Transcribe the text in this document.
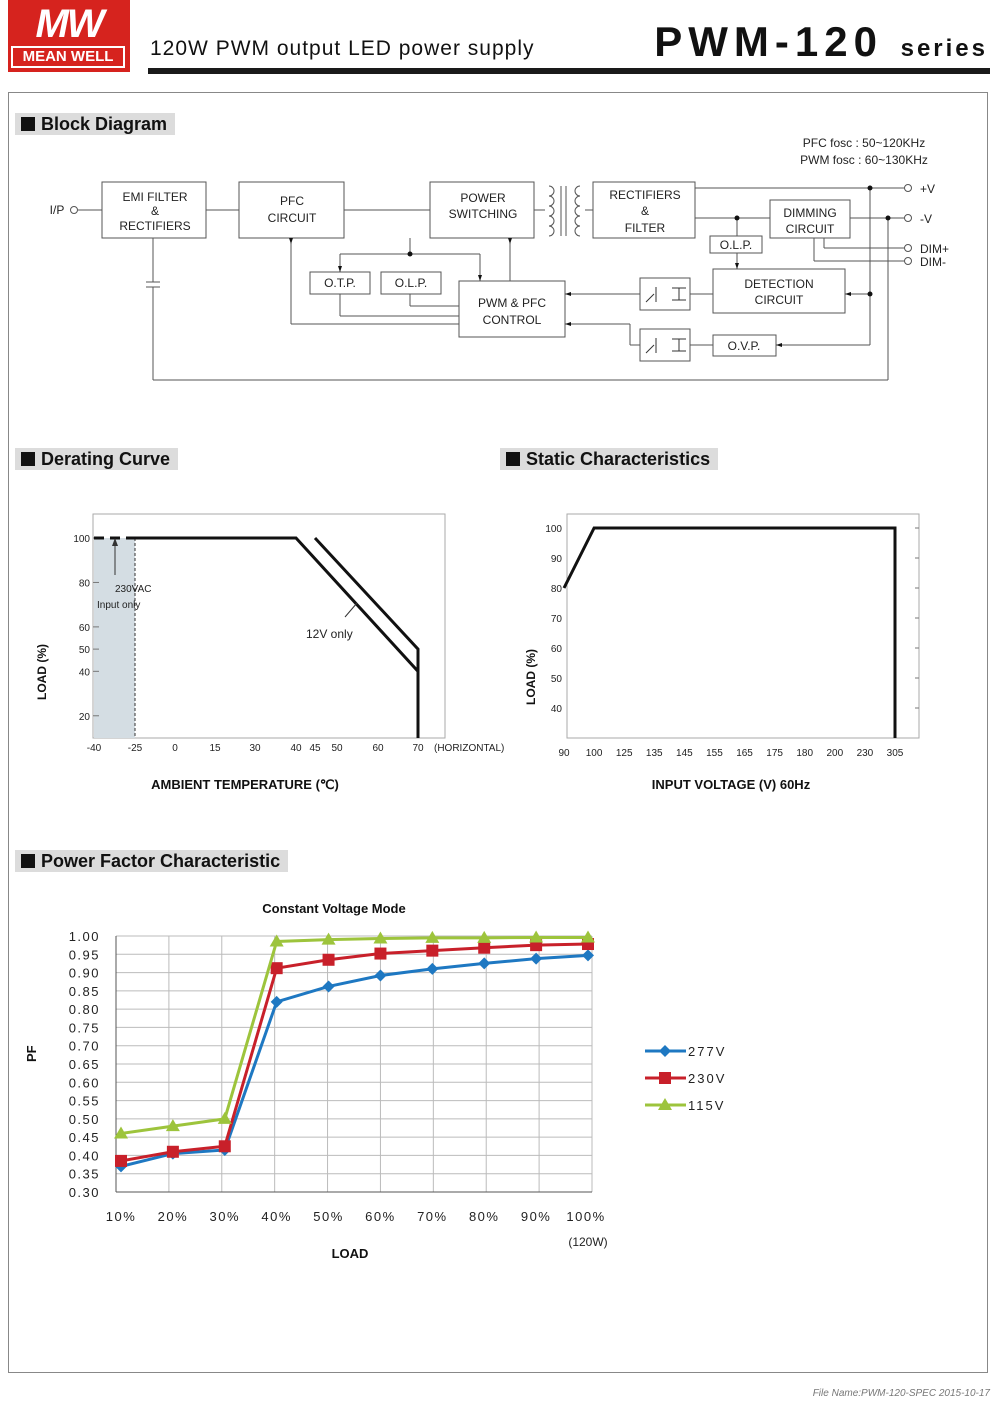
MW
MEAN WELL	120W PWM output LED power supply	PWM-120 series
Block Diagram
Derating Curve	Static Characteristics
Power Factor Characteristic
PFC fosc : 50~120KHz
PWM fosc : 60~130KHz
I/P
EMI FILTER
&
RECTIFIERS
PFC
CIRCUIT
POWER
SWITCHING
RECTIFIERS
&
FILTER
DIMMING
CIRCUIT
O.L.P.
O.T.P.	O.L.P.
PWM & PFC
CONTROL
DETECTION
CIRCUIT
O.V.P.
+V
-V
DIM+
DIM-
-40	-25	0	15	30	40 45 50	60	70
20
40
50
60
80
100
230VAC
Input only
12V only
(HORIZONTAL)
LOAD (%)
AMBIENT TEMPERATURE (℃)
90 100 125 135 145 155 165 175 180 200 230 305
40
50
60
70
80
90
100
LOAD (%)
INPUT VOLTAGE (V) 60Hz
Constant Voltage Mode
0.30
0.35
0.40
0.45
0.50
0.55
0.60
0.65
0.70
0.75
0.80
0.85
0.90
0.95
1.00
10% 20% 30% 40% 50% 60% 70% 80% 90% 100%
277V
230V
115V
PF
LOAD
(120W)
File Name:PWM-120-SPEC 2015-10-17
